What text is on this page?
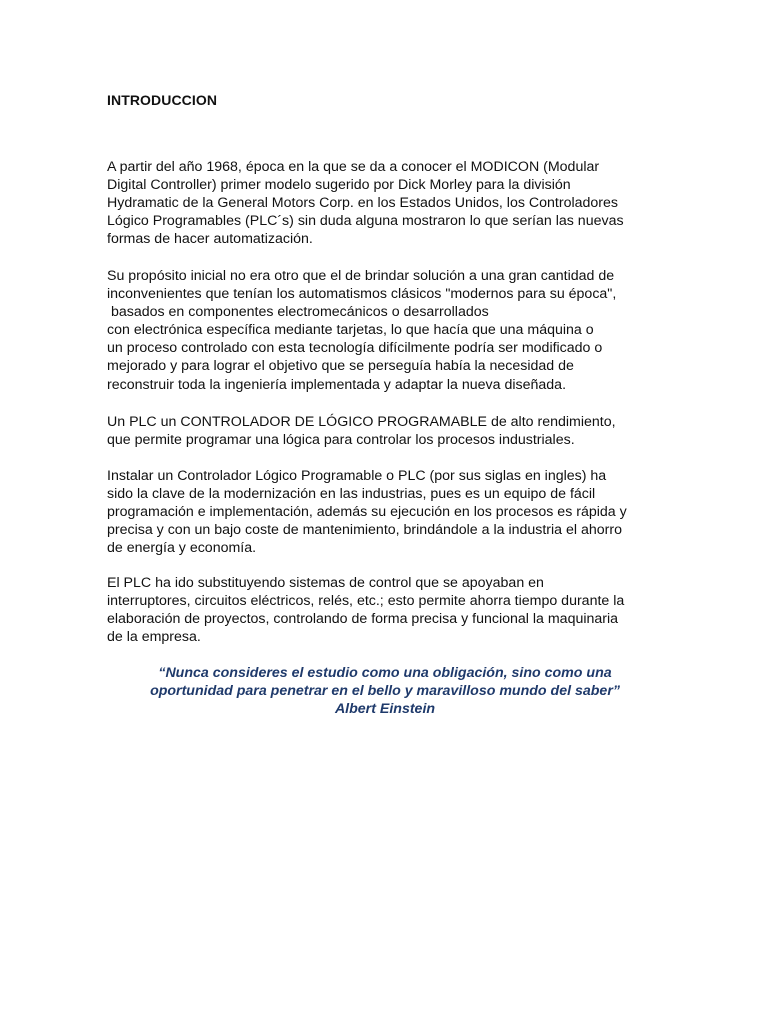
INTRODUCCION

A partir del año 1968, época en la que se da a conocer el MODICON (Modular
Digital Controller) primer modelo sugerido por Dick Morley para la división
Hydramatic de la General Motors Corp. en los Estados Unidos, los Controladores
Lógico Programables (PLC´s) sin duda alguna mostraron lo que serían las nuevas
formas de hacer automatización.

Su propósito inicial no era otro que el de brindar solución a una gran cantidad de
inconvenientes que tenían los automatismos clásicos "modernos para su época",
basados en componentes electromecánicos o desarrollados
con electrónica específica mediante tarjetas, lo que hacía que una máquina o
un proceso controlado con esta tecnología difícilmente podría ser modificado o
mejorado y para lograr el objetivo que se perseguía había la necesidad de
reconstruir toda la ingeniería implementada y adaptar la nueva diseñada.

Un PLC un CONTROLADOR DE LÓGICO PROGRAMABLE de alto rendimiento,
que permite programar una lógica para controlar los procesos industriales.

Instalar un Controlador Lógico Programable o PLC (por sus siglas en ingles) ha
sido la clave de la modernización en las industrias, pues es un equipo de fácil
programación e implementación, además su ejecución en los procesos es rápida y
precisa y con un bajo coste de mantenimiento, brindándole a la industria el ahorro
de energía y economía.

El PLC ha ido substituyendo sistemas de control que se apoyaban en
interruptores, circuitos eléctricos, relés, etc.; esto permite ahorra tiempo durante la
elaboración de proyectos, controlando de forma precisa y funcional la maquinaria
de la empresa.

“Nunca consideres el estudio como una obligación, sino como una
oportunidad para penetrar en el bello y maravilloso mundo del saber”
Albert Einstein
